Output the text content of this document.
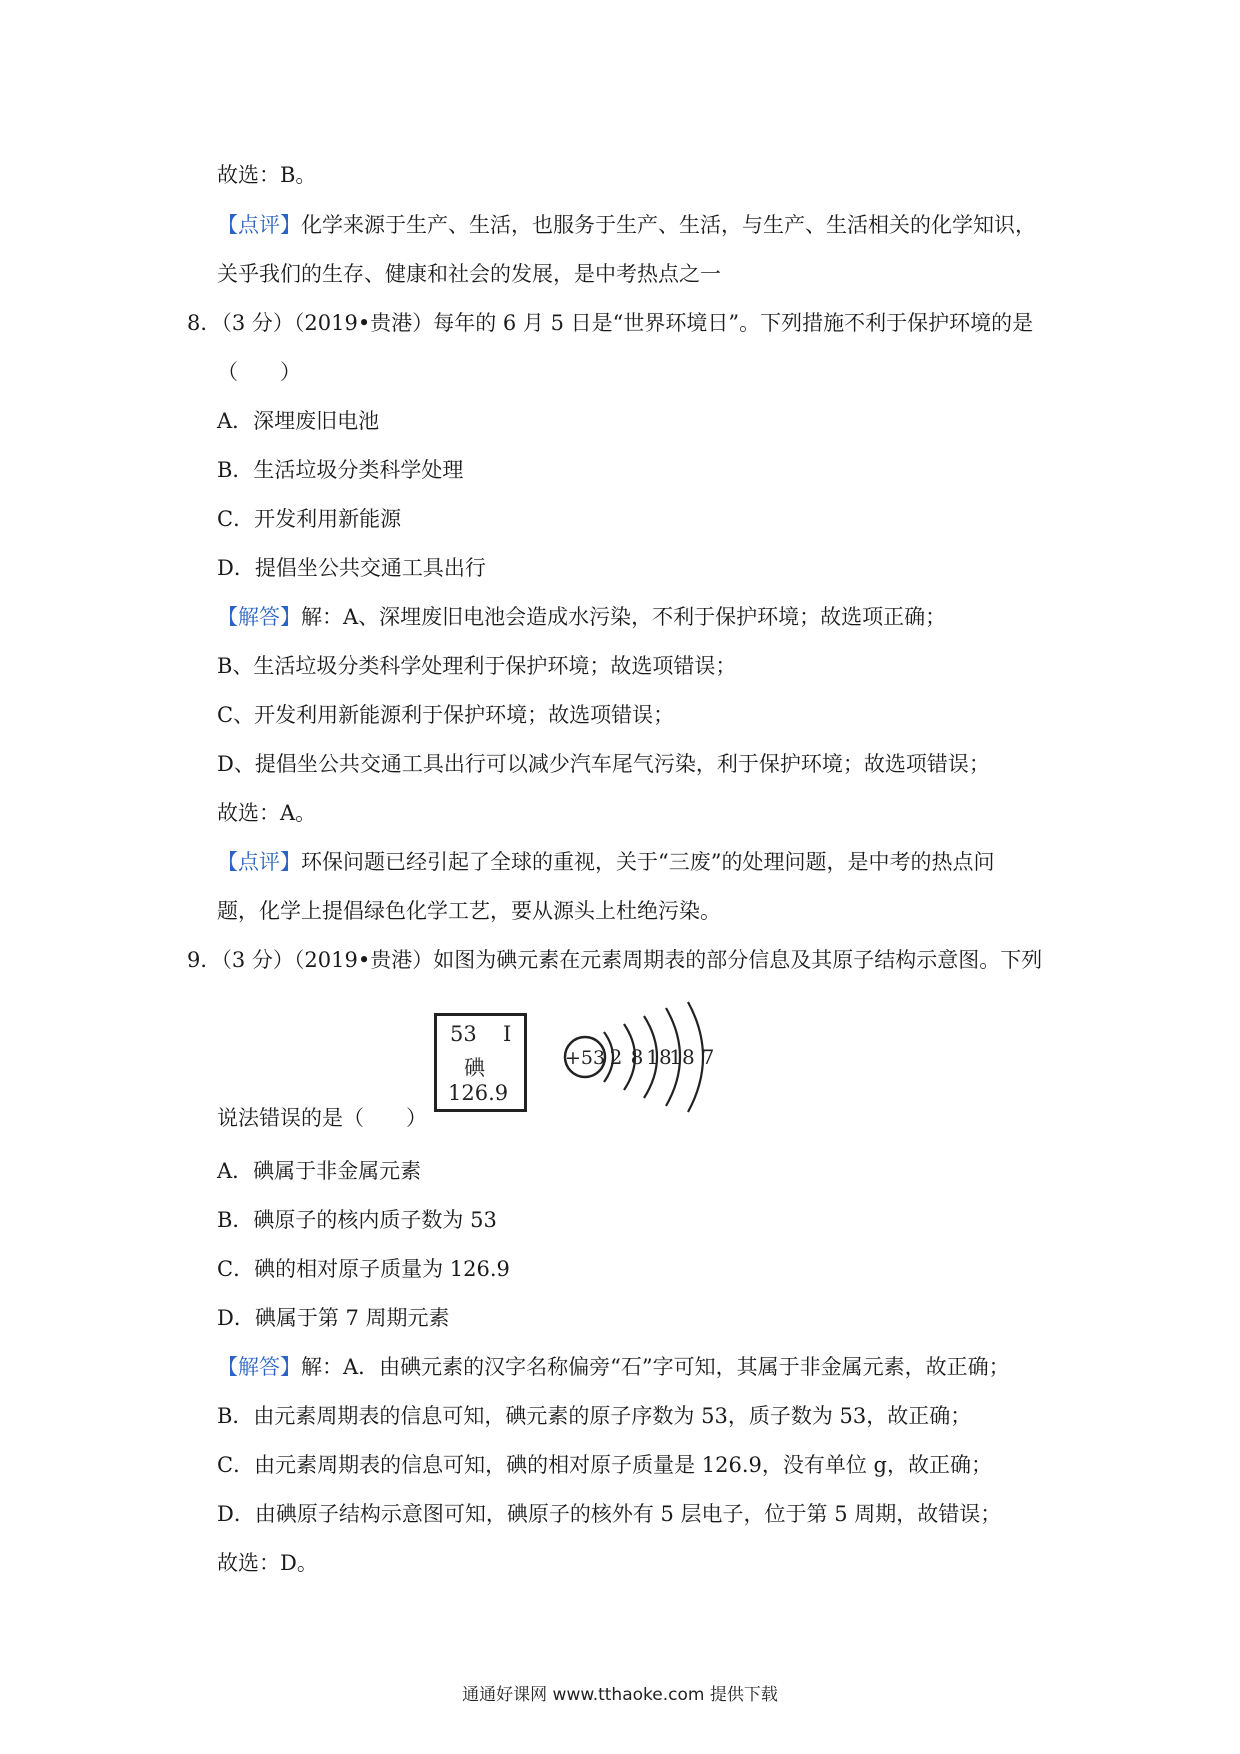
故选：B。
【点评】化学来源于生产、生活，也服务于生产、生活，与生产、生活相关的化学知识，
关乎我们的生存、健康和社会的发展，是中考热点之一
8．（3 分）（2019•贵港）每年的 6 月 5 日是“世界环境日”。下列措施不利于保护环境的是
（　　）
A．深埋废旧电池
B．生活垃圾分类科学处理
C．开发利用新能源
D．提倡坐公共交通工具出行
【解答】解：A、深埋废旧电池会造成水污染，不利于保护环境；故选项正确；
B、生活垃圾分类科学处理利于保护环境；故选项错误；
C、开发利用新能源利于保护环境；故选项错误；
D、提倡坐公共交通工具出行可以减少汽车尾气污染，利于保护环境；故选项错误；
故选：A。
【点评】环保问题已经引起了全球的重视，关于“三废”的处理问题，是中考的热点问
题，化学上提倡绿色化学工艺，要从源头上杜绝污染。
9．（3 分）（2019•贵港）如图为碘元素在元素周期表的部分信息及其原子结构示意图。下列
53 I
碘
126.9
+53 2 8 18
18 7
说法错误的是（　　）
A．碘属于非金属元素
B．碘原子的核内质子数为 53
C．碘的相对原子质量为 126.9
D．碘属于第 7 周期元素
【解答】解：A．由碘元素的汉字名称偏旁“石”字可知，其属于非金属元素，故正确；
B．由元素周期表的信息可知，碘元素的原子序数为 53，质子数为 53，故正确；
C．由元素周期表的信息可知，碘的相对原子质量是 126.9，没有单位 g，故正确；
D．由碘原子结构示意图可知，碘原子的核外有 5 层电子，位于第 5 周期，故错误；
故选：D。
通通好课网 www.tthaoke.com 提供下载
